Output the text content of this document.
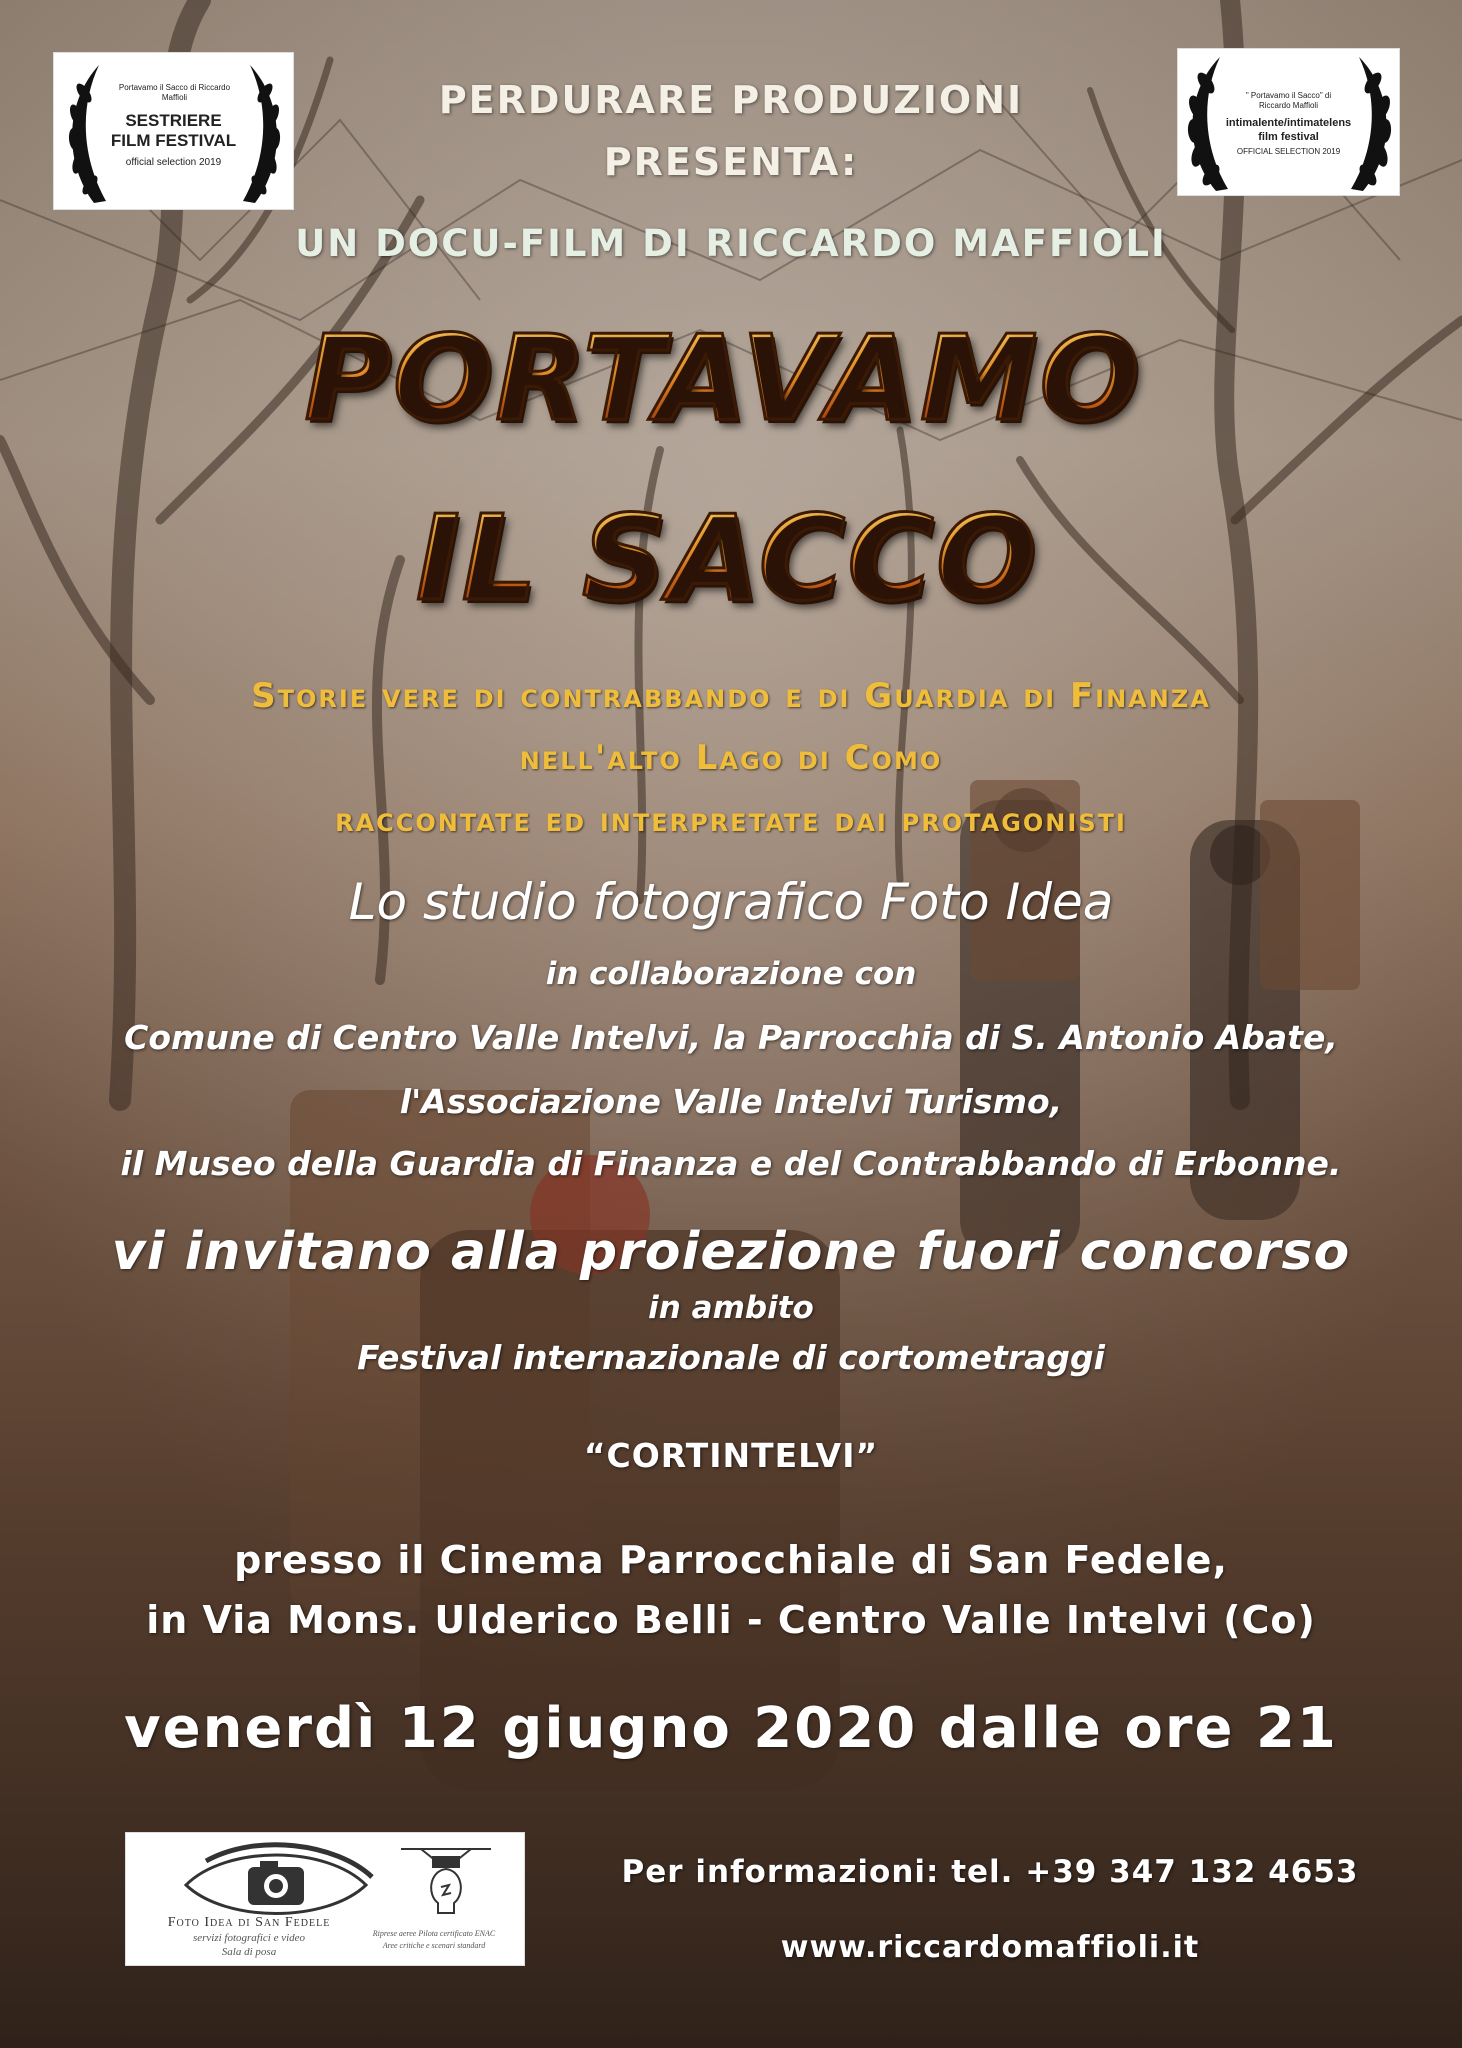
Portavamo il Sacco di Riccardo Maffioli
SESTRIERE
FILM FESTIVAL
official selection 2019
" Portavamo il Sacco" di
Riccardo Maffioli
intimalente/intimatelens
film festival
OFFICIAL SELECTION 2019

PERDURARE PRODUZIONI

PRESENTA:

UN DOCU-FILM DI RICCARDO MAFFIOLI

PORTAVAMO

IL SACCO

Storie vere di contrabbando e di Guardia di Finanza

nell'alto Lago di Como

raccontate ed interpretate dai protagonisti

Lo studio fotografico Foto Idea

in collaborazione con

Comune di Centro Valle Intelvi, la Parrocchia di S. Antonio Abate,

l'Associazione Valle Intelvi Turismo,

il Museo della Guardia di Finanza e del Contrabbando di Erbonne.

vi invitano alla proiezione fuori concorso

in ambito

Festival internazionale di cortometraggi

“CORTINTELVI”

presso il Cinema Parrocchiale di San Fedele,

in Via Mons. Ulderico Belli - Centro Valle Intelvi (Co)

venerdì 12 giugno 2020 dalle ore 21

Foto Idea di San Fedele
servizi fotografici e video
Sala di posa
Riprese aeree Pilota certificato ENAC
Aree critiche e scenari standard

Per informazioni: tel. +39 347 132 4653

www.riccardomaffioli.it
